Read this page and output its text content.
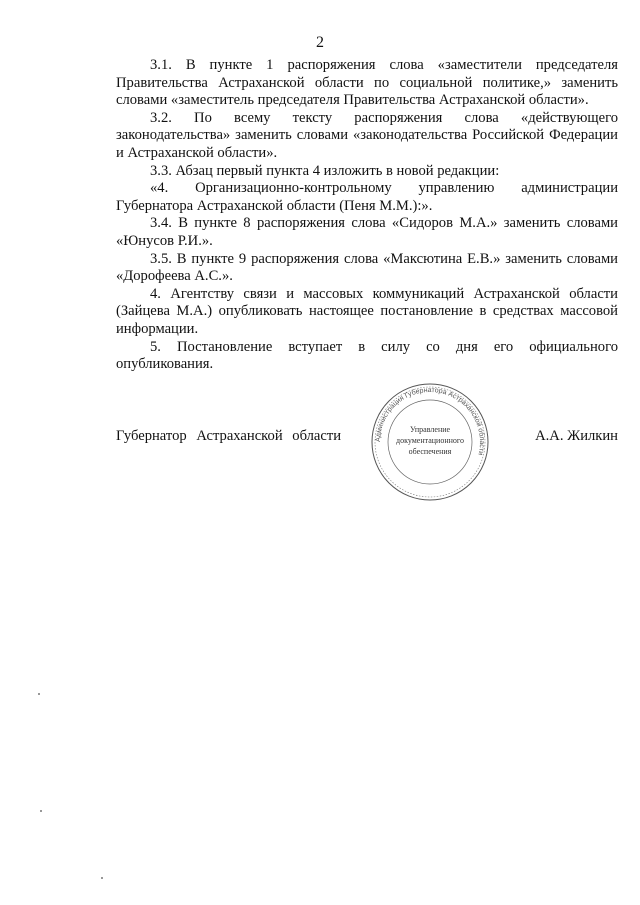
2

3.1. В пункте 1 распоряжения слова «заместители председателя Правительства Астраханской области по социальной политике,» заменить словами «заместитель председателя Правительства Астраханской области».

3.2. По всему тексту распоряжения слова «действующего законодательства» заменить словами «законодательства Российской Федерации и Астраханской области».

3.3. Абзац первый пункта 4 изложить в новой редакции:

«4. Организационно-контрольному управлению администрации Губернатора Астраханской области (Пеня М.М.):».

3.4. В пункте 8 распоряжения слова «Сидоров М.А.» заменить словами «Юнусов Р.И.».

3.5. В пункте 9 распоряжения слова «Максютина Е.В.» заменить словами «Дорофеева А.С.».

4. Агентству связи и массовых коммуникаций Астраханской области (Зайцева М.А.) опубликовать настоящее постановление в средствах массовой информации.

5. Постановление вступает в силу со дня его официального опубликования.

Губернатор Астраханской области	А.А. Жилкин
Администрация Губернатора Астраханской области
Управление
документационного
обеспечения
